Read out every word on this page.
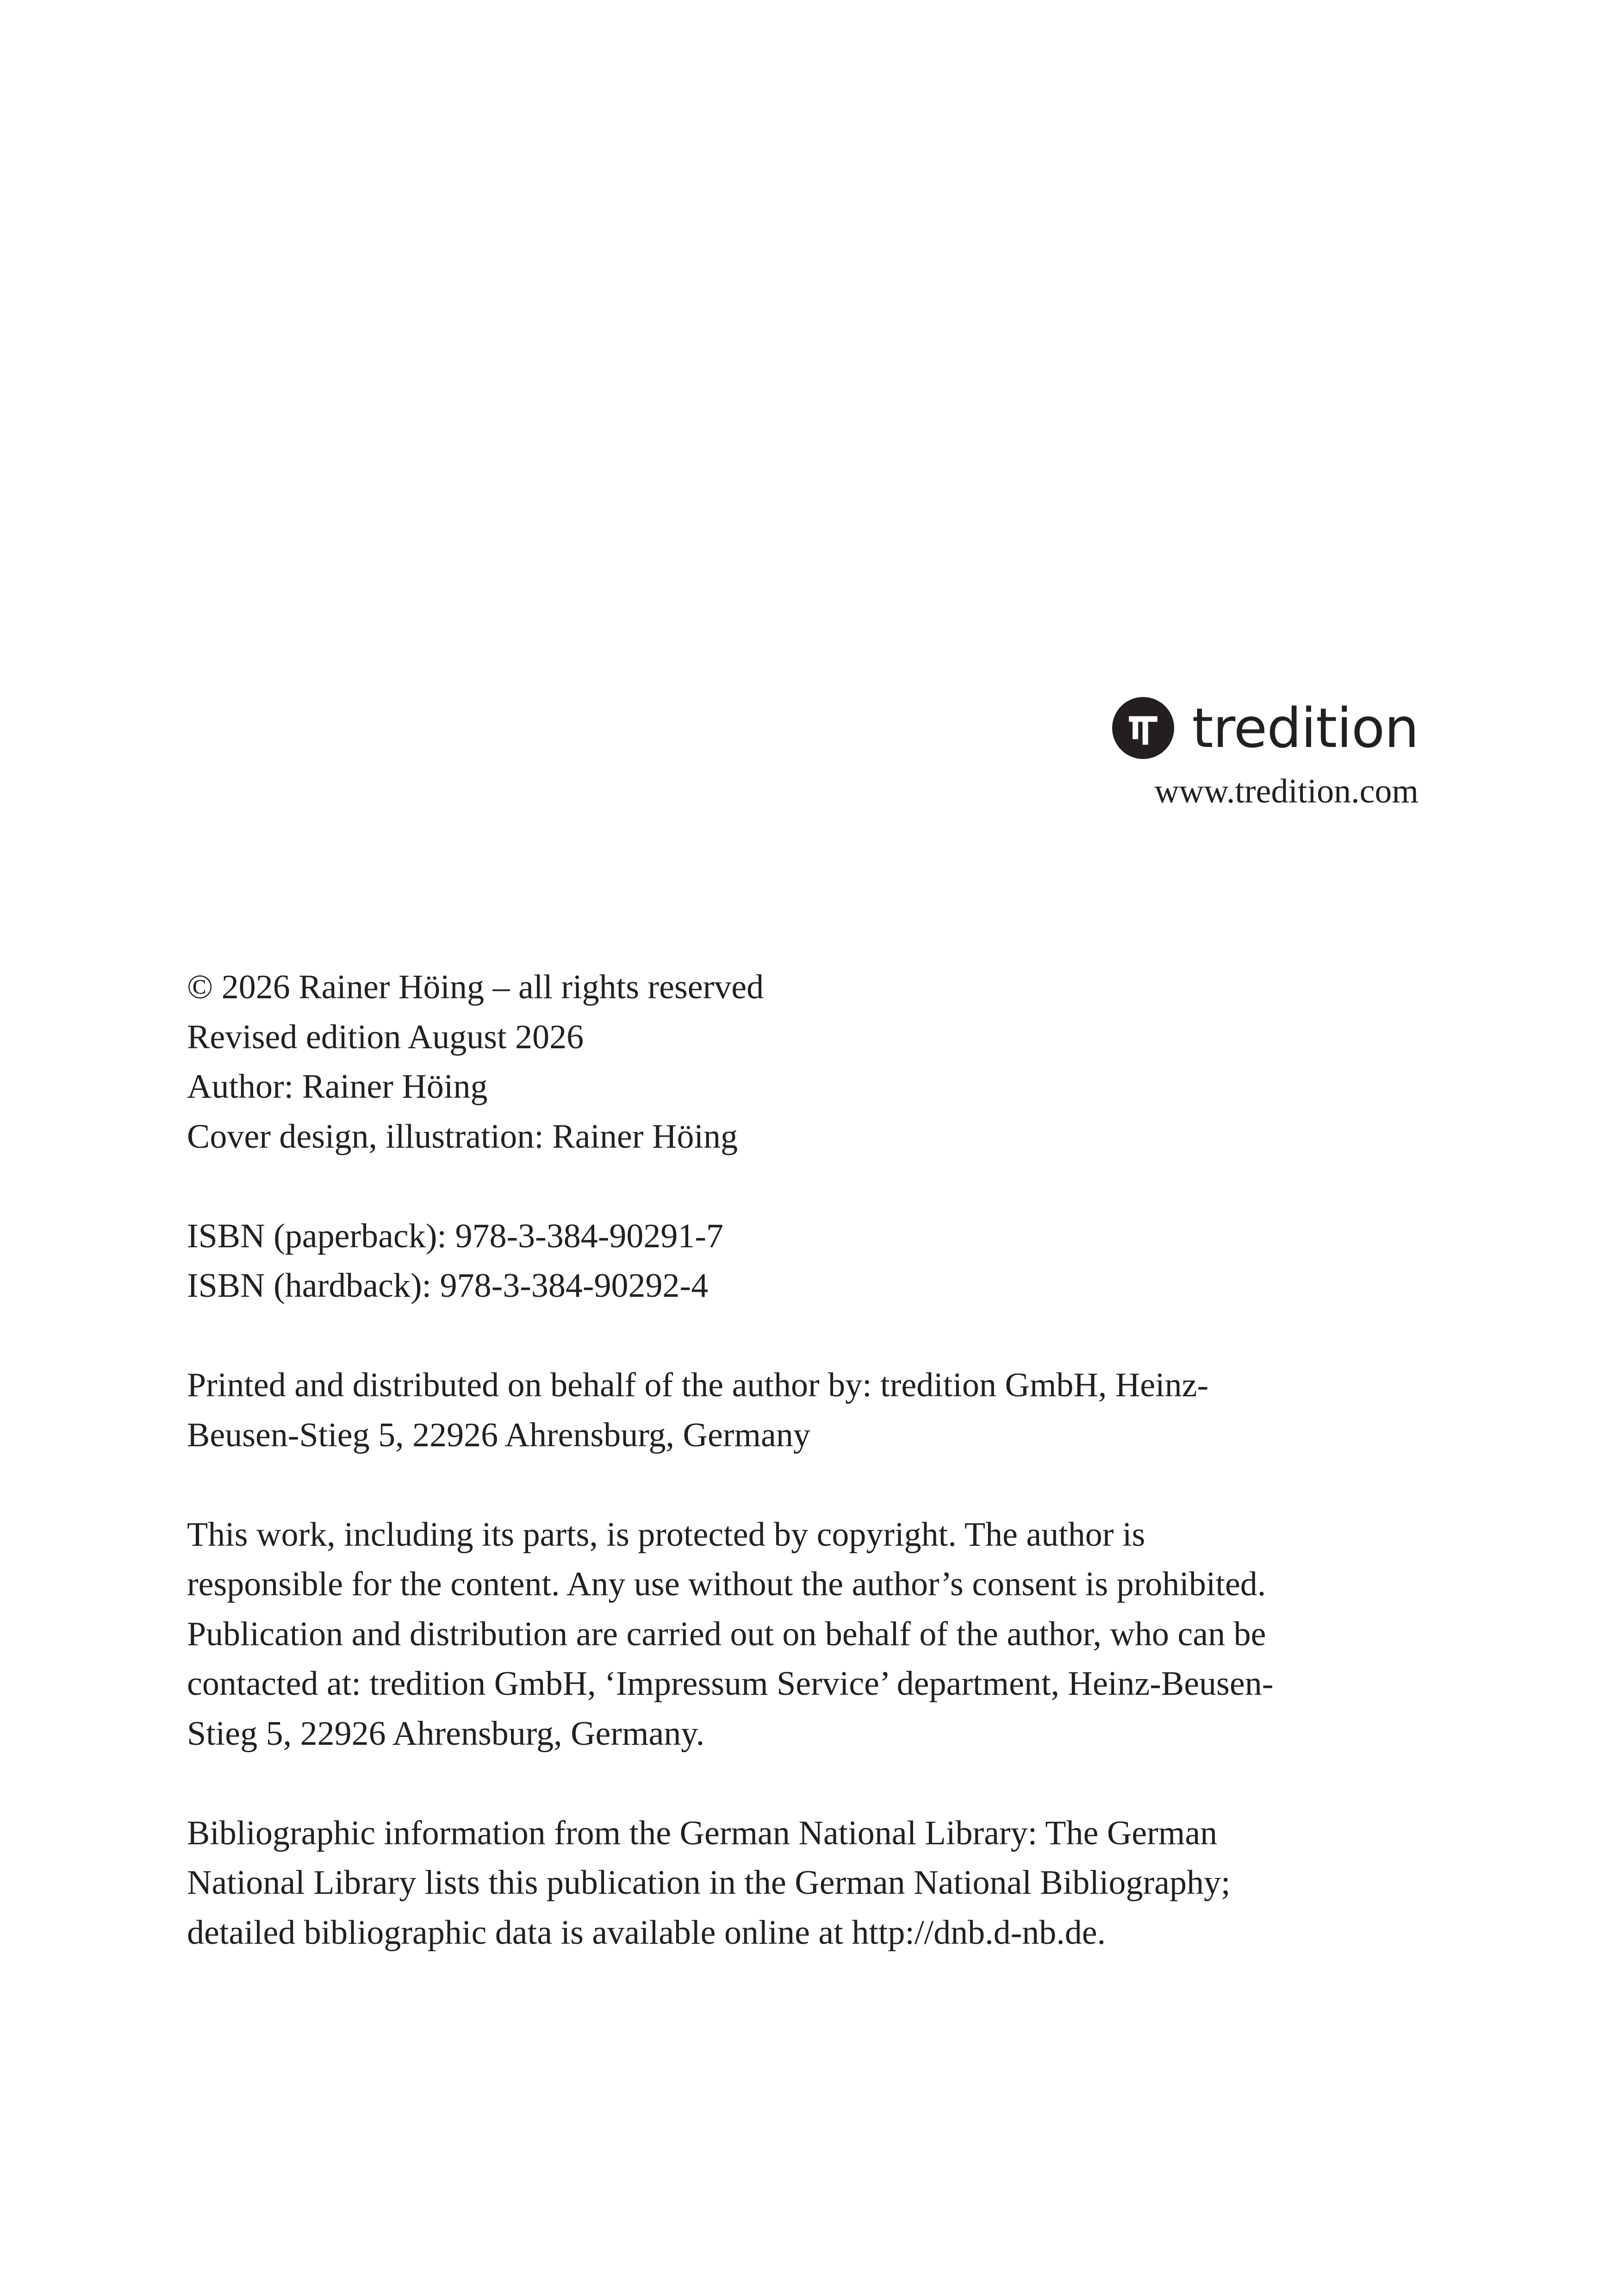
tredition
www.tredition.com

© 2026 Rainer Höing – all rights reserved
Revised edition August 2026
Author: Rainer Höing
Cover design, illustration: Rainer Höing

ISBN (paperback): 978-3-384-90291-7
ISBN (hardback): 978-3-384-90292-4

Printed and distributed on behalf of the author by: tredition GmbH, Heinz-
Beusen-Stieg 5, 22926 Ahrensburg, Germany

This work, including its parts, is protected by copyright. The author is
responsible for the content. Any use without the author’s consent is prohibited.
Publication and distribution are carried out on behalf of the author, who can be
contacted at: tredition GmbH, ‘Impressum Service’ department, Heinz-Beusen-
Stieg 5, 22926 Ahrensburg, Germany.

Bibliographic information from the German National Library: The German
National Library lists this publication in the German National Bibliography;
detailed bibliographic data is available online at http://dnb.d-nb.de.
